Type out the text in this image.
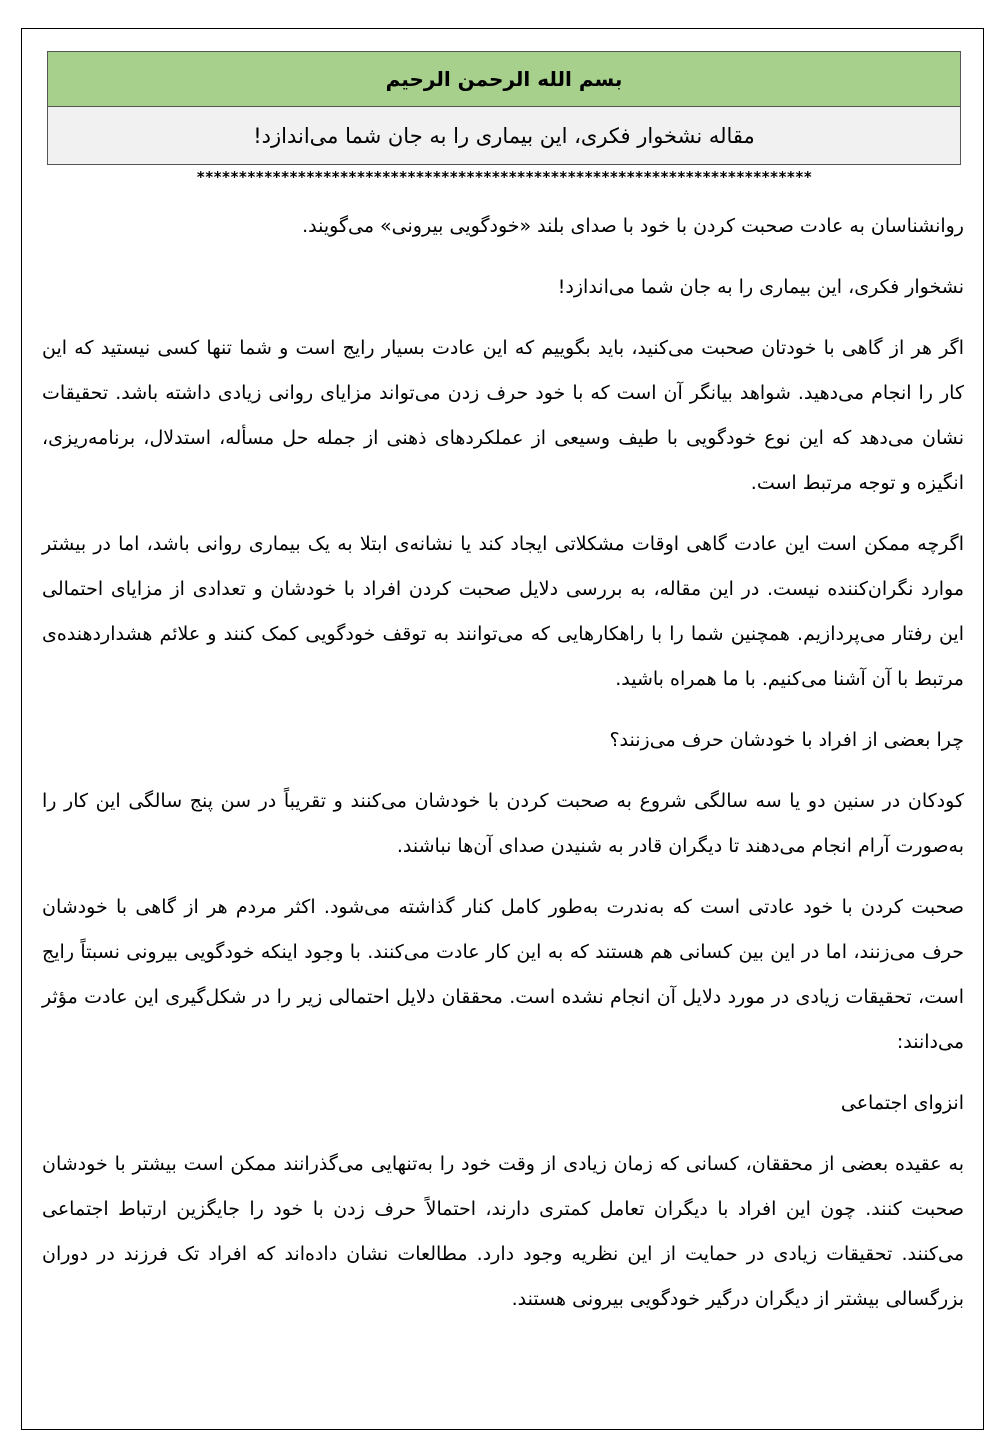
بسم الله الرحمن الرحیم
مقاله نشخوار فکری، این بیماری را به جان شما می‌اندازد!
*************************************************************************

روانشناسان به عادت صحبت کردن با خود با صدای بلند «خودگویی بیرونی» می‌گویند.

نشخوار فکری، این بیماری را به جان شما می‌اندازد!

اگر هر از گاهی با خودتان صحبت می‌کنید، باید بگوییم که این عادت بسیار رایج است و شما تنها کسی نیستید که این کار را انجام می‌دهید. شواهد بیانگر آن است که با خود حرف زدن می‌تواند مزایای روانی زیادی داشته باشد. تحقیقات نشان می‌دهد که این نوع خودگویی با طیف وسیعی از عملکردهای ذهنی از جمله حل مسأله، استدلال، برنامه‌ریزی، انگیزه و توجه مرتبط است.

اگرچه ممکن است این عادت گاهی اوقات مشکلاتی ایجاد کند یا نشانه‌ی ابتلا به یک بیماری روانی باشد، اما در بیشتر موارد نگران‌کننده نیست. در این مقاله، به بررسی دلایل صحبت کردن افراد با خودشان و تعدادی از مزایای احتمالی این رفتار می‌پردازیم. همچنین شما را با راهکارهایی که می‌توانند به توقف خودگویی کمک کنند و علائم هشداردهنده‌ی مرتبط با آن آشنا می‌کنیم. با ما همراه باشید.

چرا بعضی از افراد با خودشان حرف می‌زنند؟

کودکان در سنین دو یا سه سالگی شروع به صحبت کردن با خودشان می‌کنند و تقریباً در سن پنج سالگی این کار را به‌صورت آرام انجام می‌دهند تا دیگران قادر به شنیدن صدای آن‌ها نباشند.

صحبت کردن با خود عادتی است که به‌ندرت به‌طور کامل کنار گذاشته می‌شود. اکثر مردم هر از گاهی با خودشان حرف می‌زنند، اما در این بین کسانی هم هستند که به این کار عادت می‌کنند. با وجود اینکه خودگویی بیرونی نسبتاً رایج است، تحقیقات زیادی در مورد دلایل آن انجام نشده است. محققان دلایل احتمالی زیر را در شکل‌گیری این عادت مؤثر می‌دانند:

انزوای اجتماعی

به عقیده بعضی از محققان، کسانی که زمان زیادی از وقت خود را به‌تنهایی می‌گذرانند ممکن است بیشتر با خودشان صحبت کنند. چون این افراد با دیگران تعامل کمتری دارند، احتمالاً حرف زدن با خود را جایگزین ارتباط اجتماعی می‌کنند. تحقیقات زیادی در حمایت از این نظریه وجود دارد. مطالعات نشان داده‌اند که افراد تک فرزند در دوران بزرگسالی بیشتر از دیگران درگیر خودگویی بیرونی هستند.
